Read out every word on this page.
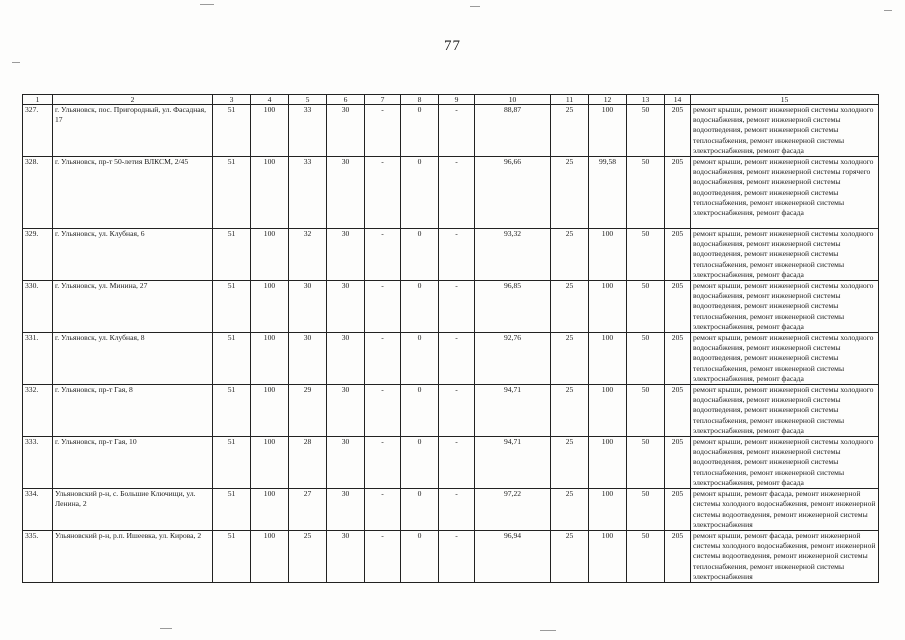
77
1	2	3	4	5	6	7	8	9	10	11	12	13	14	15
327.	г. Ульяновск, пос. Пригородный, ул. Фасадная, 17	51	100	33	30	-	0	-	88,87	25	100	50	205	ремонт крыши, ремонт инженерной системы холодного водоснабжения, ремонт инженерной системы водоотведения, ремонт инженерной системы теплоснабжения, ремонт инженерной системы электроснабжения, ремонт фасада
328.	г. Ульяновск, пр-т 50-летия ВЛКСМ, 2/45	51	100	33	30	-	0	-	96,66	25	99,58	50	205	ремонт крыши, ремонт инженерной системы холодного водоснабжения, ремонт инженерной системы горячего водоснабжения, ремонт инженерной системы водоотведения, ремонт инженерной системы теплоснабжения, ремонт инженерной системы электроснабжения, ремонт фасада
329.	г. Ульяновск, ул. Клубная, 6	51	100	32	30	-	0	-	93,32	25	100	50	205	ремонт крыши, ремонт инженерной системы холодного водоснабжения, ремонт инженерной системы водоотведения, ремонт инженерной системы теплоснабжения, ремонт инженерной системы электроснабжения, ремонт фасада
330.	г. Ульяновск, ул. Минина, 27	51	100	30	30	-	0	-	96,85	25	100	50	205	ремонт крыши, ремонт инженерной системы холодного водоснабжения, ремонт инженерной системы водоотведения, ремонт инженерной системы теплоснабжения, ремонт инженерной системы электроснабжения, ремонт фасада
331.	г. Ульяновск, ул. Клубная, 8	51	100	30	30	-	0	-	92,76	25	100	50	205	ремонт крыши, ремонт инженерной системы холодного водоснабжения, ремонт инженерной системы водоотведения, ремонт инженерной системы теплоснабжения, ремонт инженерной системы электроснабжения, ремонт фасада
332.	г. Ульяновск, пр-т Гая, 8	51	100	29	30	-	0	-	94,71	25	100	50	205	ремонт крыши, ремонт инженерной системы холодного водоснабжения, ремонт инженерной системы водоотведения, ремонт инженерной системы теплоснабжения, ремонт инженерной системы электроснабжения, ремонт фасада
333.	г. Ульяновск, пр-т Гая, 10	51	100	28	30	-	0	-	94,71	25	100	50	205	ремонт крыши, ремонт инженерной системы холодного водоснабжения, ремонт инженерной системы водоотведения, ремонт инженерной системы теплоснабжения, ремонт инженерной системы электроснабжения, ремонт фасада
334.	Ульяновский р-н, с. Большие Ключищи, ул. Ленина, 2	51	100	27	30	-	0	-	97,22	25	100	50	205	ремонт крыши, ремонт фасада, ремонт инженерной системы холодного водоснабжения, ремонт инженерной системы водоотведения, ремонт инженерной системы электроснабжения
335.	Ульяновский р-н, р.п. Ишеевка, ул. Кирова, 2	51	100	25	30	-	0	-	96,94	25	100	50	205	ремонт крыши, ремонт фасада, ремонт инженерной системы холодного водоснабжения, ремонт инженерной системы водоотведения, ремонт инженерной системы теплоснабжения, ремонт инженерной системы электроснабжения
